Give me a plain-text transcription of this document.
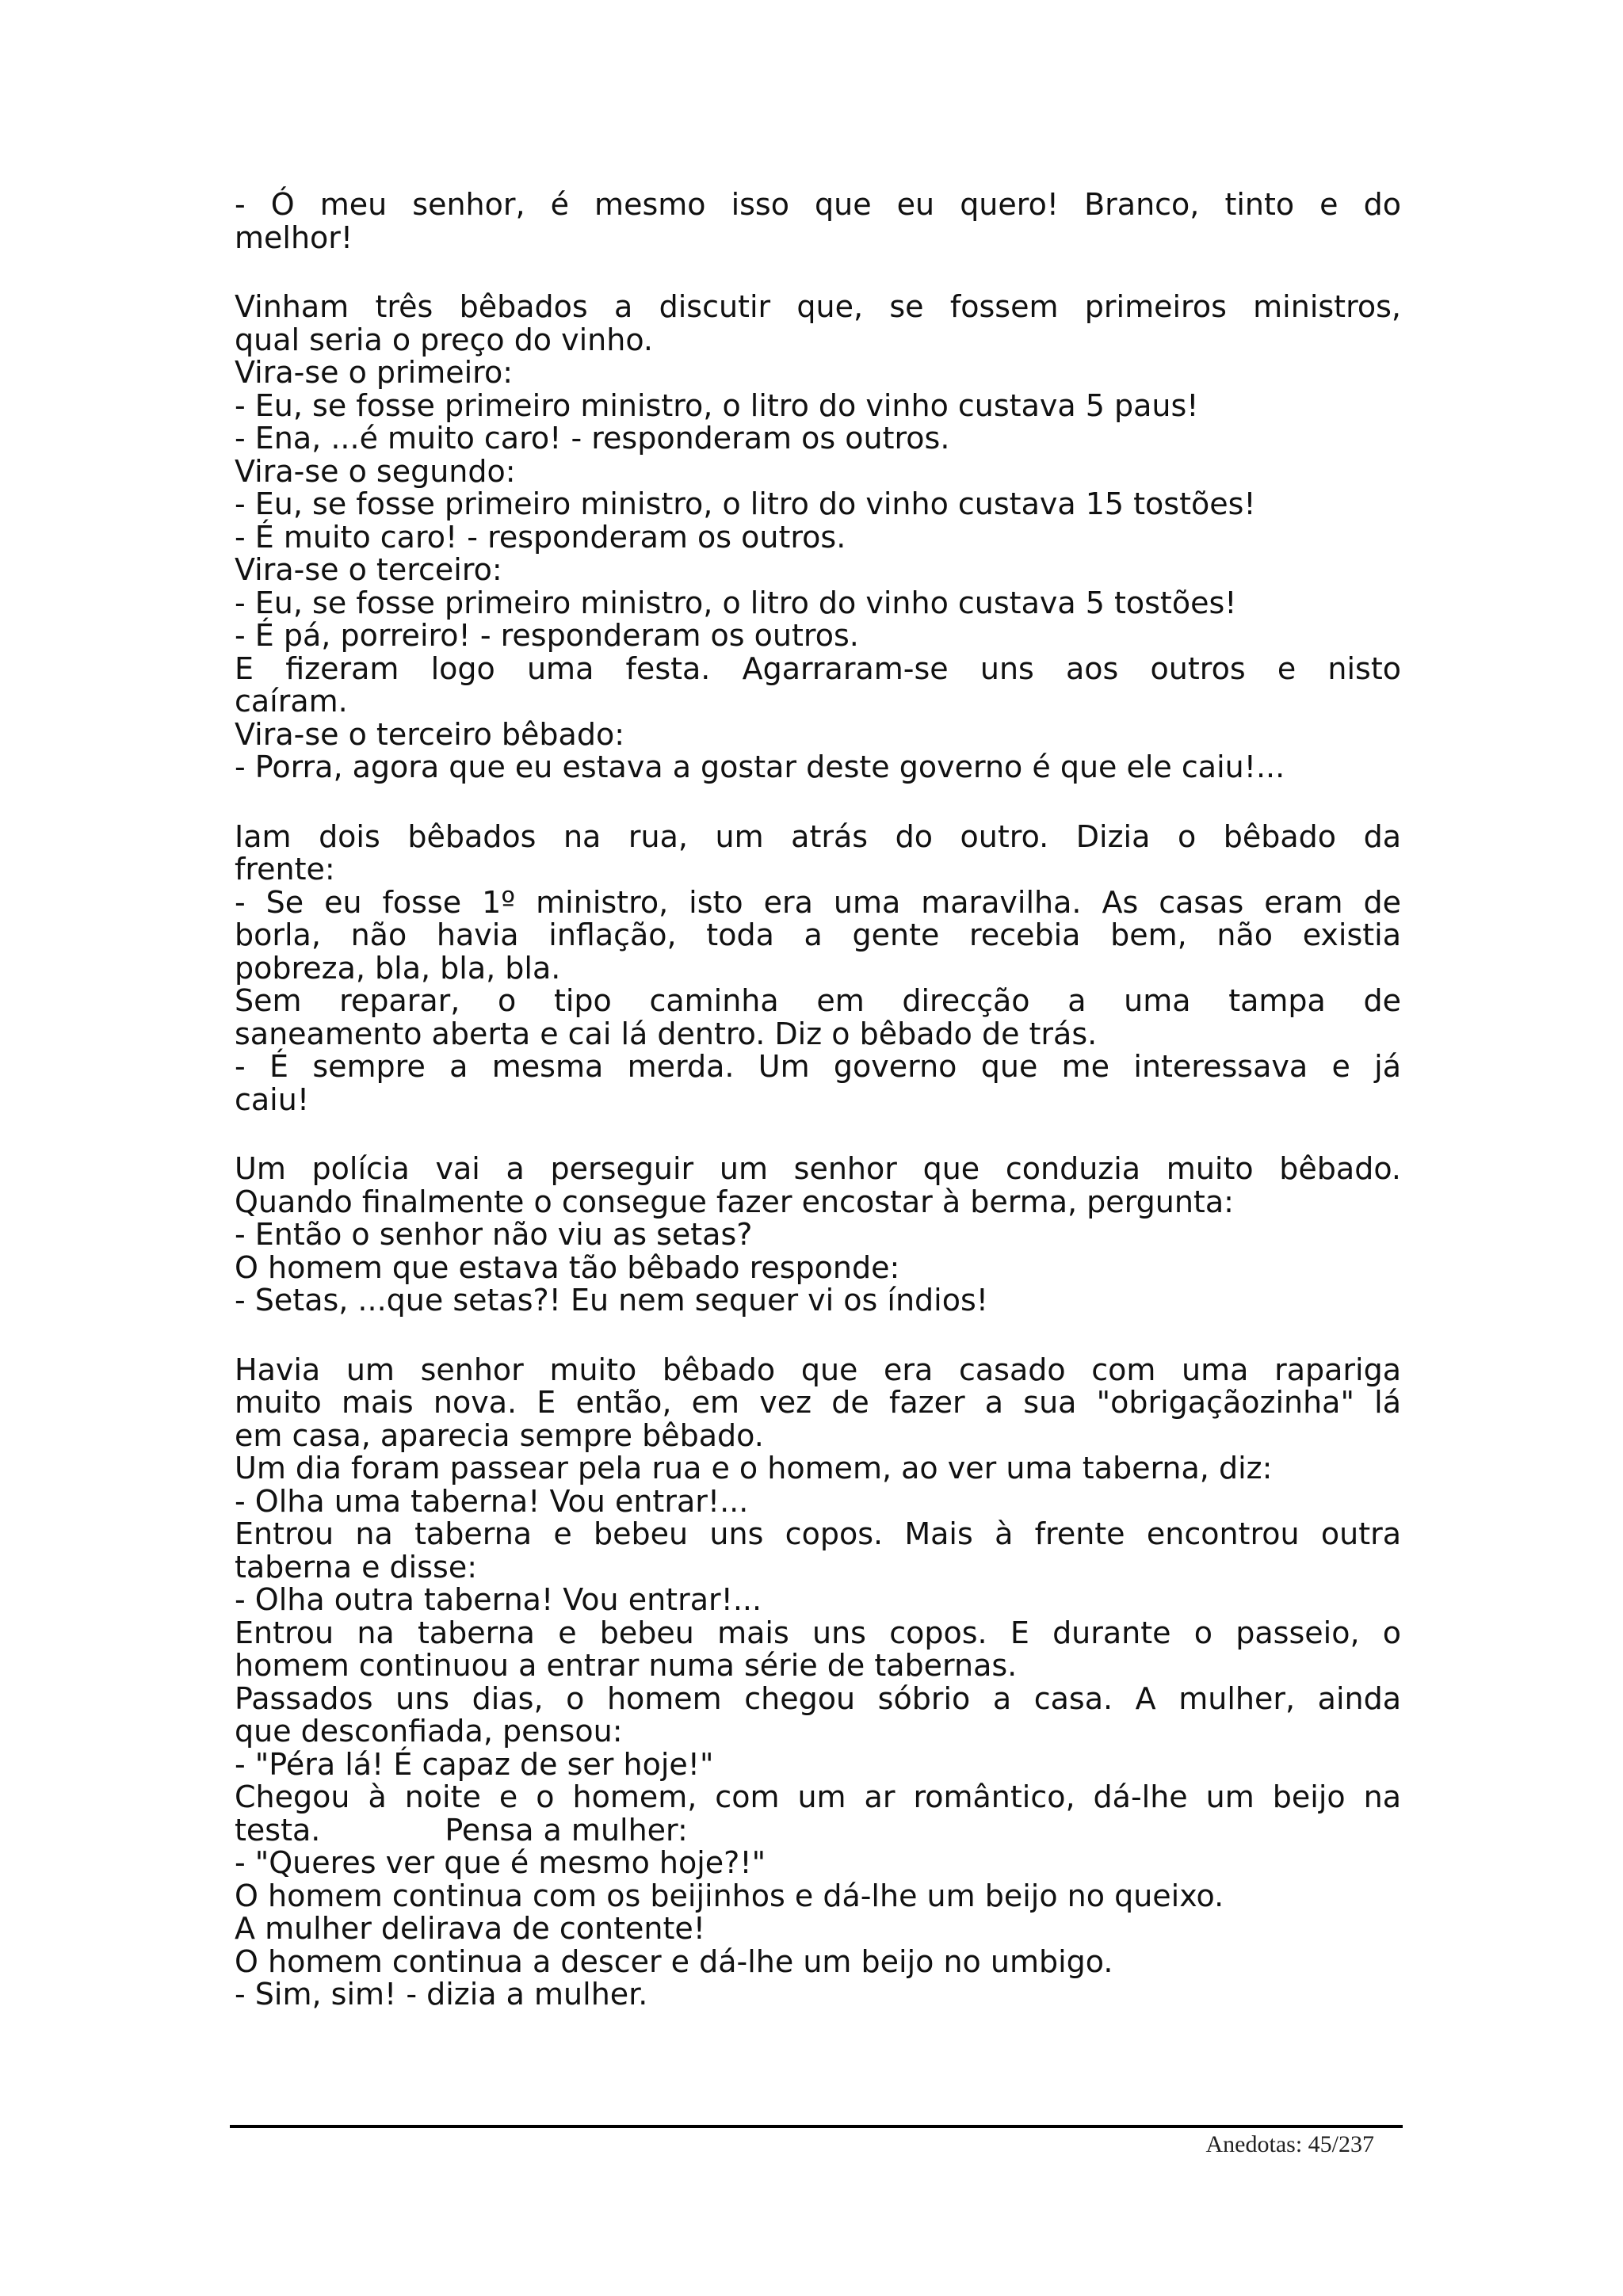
- Ó meu senhor, é mesmo isso que eu quero! Branco, tinto e do
melhor!
Vinham três bêbados a discutir que, se fossem primeiros ministros,
qual seria o preço do vinho.
Vira-se o primeiro:
- Eu, se fosse primeiro ministro, o litro do vinho custava 5 paus!
- Ena, ...é muito caro! - responderam os outros.
Vira-se o segundo:
- Eu, se fosse primeiro ministro, o litro do vinho custava 15 tostões!
- É muito caro! - responderam os outros.
Vira-se o terceiro:
- Eu, se fosse primeiro ministro, o litro do vinho custava 5 tostões!
- É pá, porreiro! - responderam os outros.
E fizeram logo uma festa. Agarraram-se uns aos outros e nisto
caíram.
Vira-se o terceiro bêbado:
- Porra, agora que eu estava a gostar deste governo é que ele caiu!...
Iam dois bêbados na rua, um atrás do outro. Dizia o bêbado da
frente:
- Se eu fosse 1º ministro, isto era uma maravilha. As casas eram de
borla, não havia inflação, toda a gente recebia bem, não existia
pobreza, bla, bla, bla.
Sem reparar, o tipo caminha em direcção a uma tampa de
saneamento aberta e cai lá dentro. Diz o bêbado de trás.
- É sempre a mesma merda. Um governo que me interessava e já
caiu!
Um polícia vai a perseguir um senhor que conduzia muito bêbado.
Quando finalmente o consegue fazer encostar à berma, pergunta:
- Então o senhor não viu as setas?
O homem que estava tão bêbado responde:
- Setas, ...que setas?! Eu nem sequer vi os índios!
Havia um senhor muito bêbado que era casado com uma rapariga
muito mais nova. E então, em vez de fazer a sua "obrigaçãozinha" lá
em casa, aparecia sempre bêbado.
Um dia foram passear pela rua e o homem, ao ver uma taberna, diz:
- Olha uma taberna! Vou entrar!...
Entrou na taberna e bebeu uns copos. Mais à frente encontrou outra
taberna e disse:
- Olha outra taberna! Vou entrar!...
Entrou na taberna e bebeu mais uns copos. E durante o passeio, o
homem continuou a entrar numa série de tabernas.
Passados uns dias, o homem chegou sóbrio a casa. A mulher, ainda
que desconfiada, pensou:
- "Péra lá! É capaz de ser hoje!"
Chegou à noite e o homem, com um ar romântico, dá-lhe um beijo na
testa.             Pensa a mulher:
- "Queres ver que é mesmo hoje?!"
O homem continua com os beijinhos e dá-lhe um beijo no queixo.
A mulher delirava de contente!
O homem continua a descer e dá-lhe um beijo no umbigo.
- Sim, sim! - dizia a mulher.
Anedotas: 45/237
